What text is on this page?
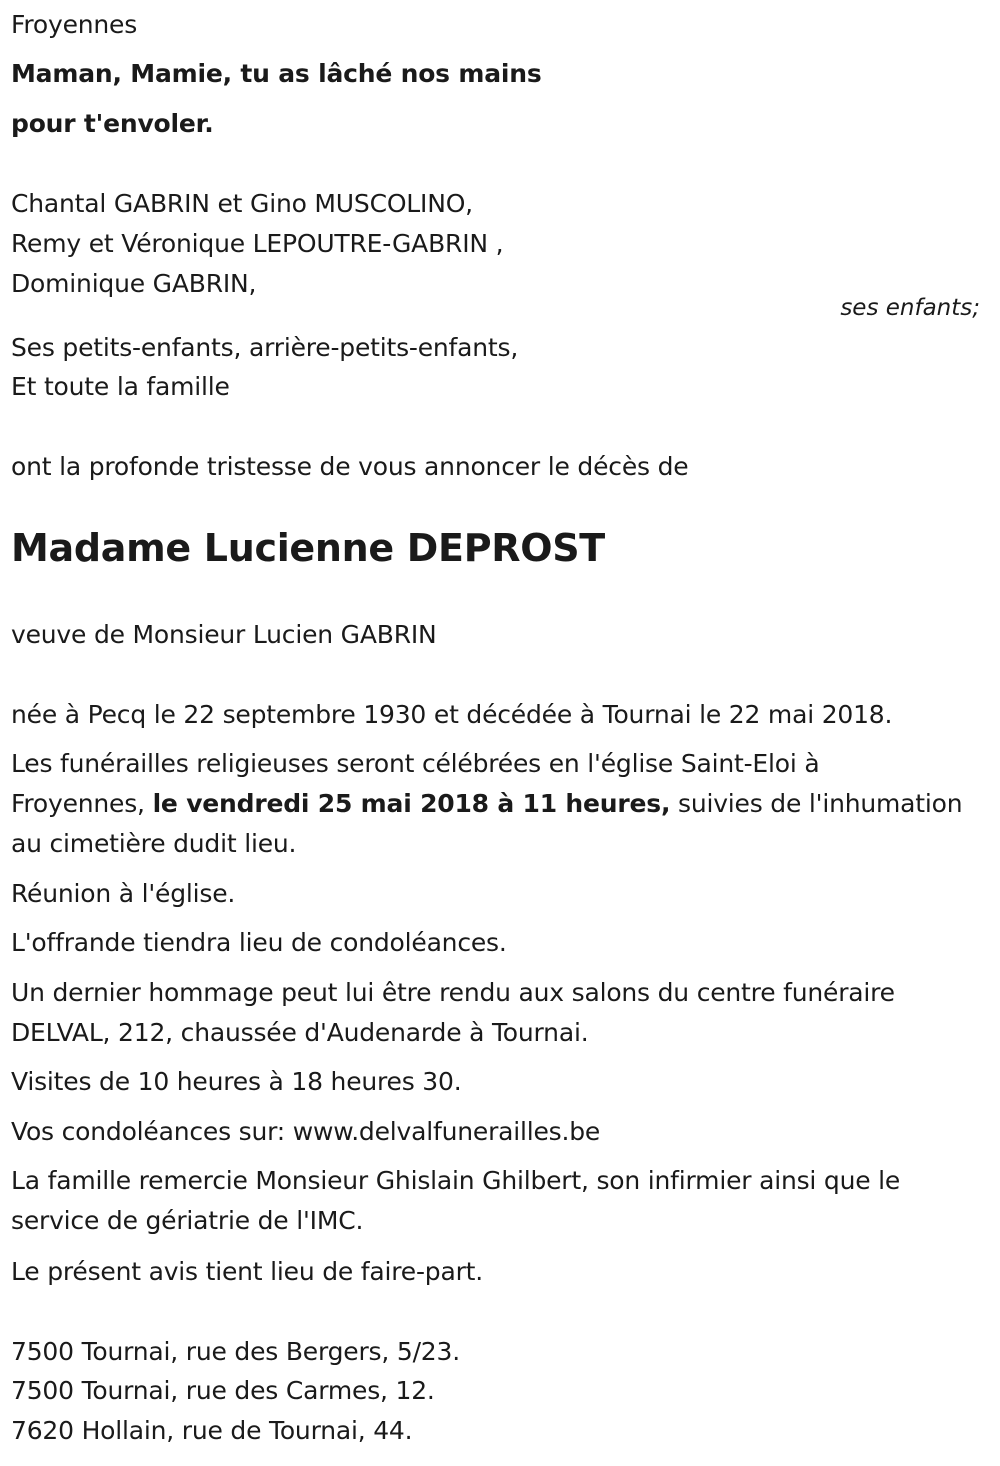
Froyennes
Maman, Mamie, tu as lâché nos mains
pour t'envoler.
Chantal GABRIN et Gino MUSCOLINO,
Remy et Véronique LEPOUTRE-GABRIN ,
Dominique GABRIN,
ses enfants;
Ses petits-enfants, arrière-petits-enfants,
Et toute la famille
ont la profonde tristesse de vous annoncer le décès de
Madame Lucienne DEPROST
veuve de Monsieur Lucien GABRIN
née à Pecq le 22 septembre 1930 et décédée à Tournai le 22 mai 2018.
Les funérailles religieuses seront célébrées en l'église Saint-Eloi à
Froyennes, le vendredi 25 mai 2018 à 11 heures, suivies de l'inhumation
au cimetière dudit lieu.
Réunion à l'église.
L'offrande tiendra lieu de condoléances.
Un dernier hommage peut lui être rendu aux salons du centre funéraire
DELVAL, 212, chaussée d'Audenarde à Tournai.
Visites de 10 heures à 18 heures 30.
Vos condoléances sur: www.delvalfunerailles.be
La famille remercie Monsieur Ghislain Ghilbert, son infirmier ainsi que le
service de gériatrie de l'IMC.
Le présent avis tient lieu de faire-part.
7500 Tournai, rue des Bergers, 5/23.
7500 Tournai, rue des Carmes, 12.
7620 Hollain, rue de Tournai, 44.
